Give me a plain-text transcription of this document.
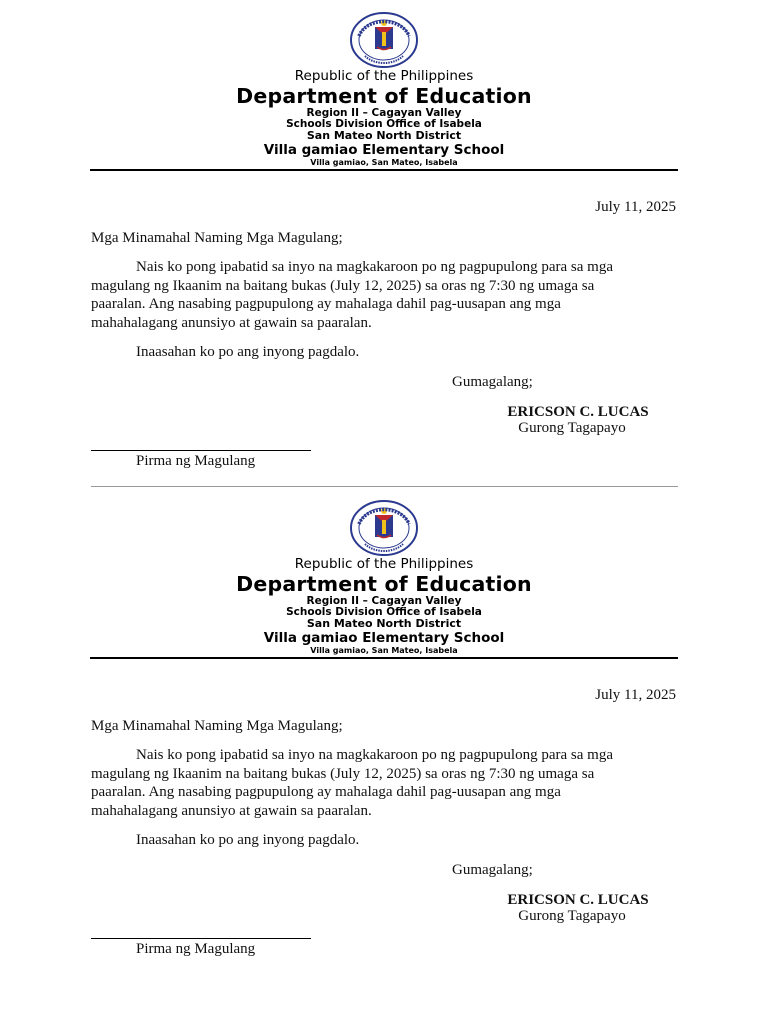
Republic of the Philippines
Department of Education
Region II – Cagayan Valley
Schools Division Office of Isabela
San Mateo North District
Villa gamiao Elementary School
Villa gamiao, San Mateo, Isabela
July 11, 2025
Mga Minamahal Naming Mga Magulang;
Nais ko pong ipabatid sa inyo na magkakaroon po ng pagpupulong para sa mga
magulang ng Ikaanim na baitang bukas (July 12, 2025) sa oras ng 7:30 ng umaga sa
paaralan. Ang nasabing pagpupulong ay mahalaga dahil pag-uusapan ang mga
mahahalagang anunsiyo at gawain sa paaralan.
Inaasahan ko po ang inyong pagdalo.
Gumagalang;
ERICSON C. LUCAS
Gurong Tagapayo
Pirma ng Magulang
Republic of the Philippines
Department of Education
Region II – Cagayan Valley
Schools Division Office of Isabela
San Mateo North District
Villa gamiao Elementary School
Villa gamiao, San Mateo, Isabela
July 11, 2025
Mga Minamahal Naming Mga Magulang;
Nais ko pong ipabatid sa inyo na magkakaroon po ng pagpupulong para sa mga
magulang ng Ikaanim na baitang bukas (July 12, 2025) sa oras ng 7:30 ng umaga sa
paaralan. Ang nasabing pagpupulong ay mahalaga dahil pag-uusapan ang mga
mahahalagang anunsiyo at gawain sa paaralan.
Inaasahan ko po ang inyong pagdalo.
Gumagalang;
ERICSON C. LUCAS
Gurong Tagapayo
Pirma ng Magulang
